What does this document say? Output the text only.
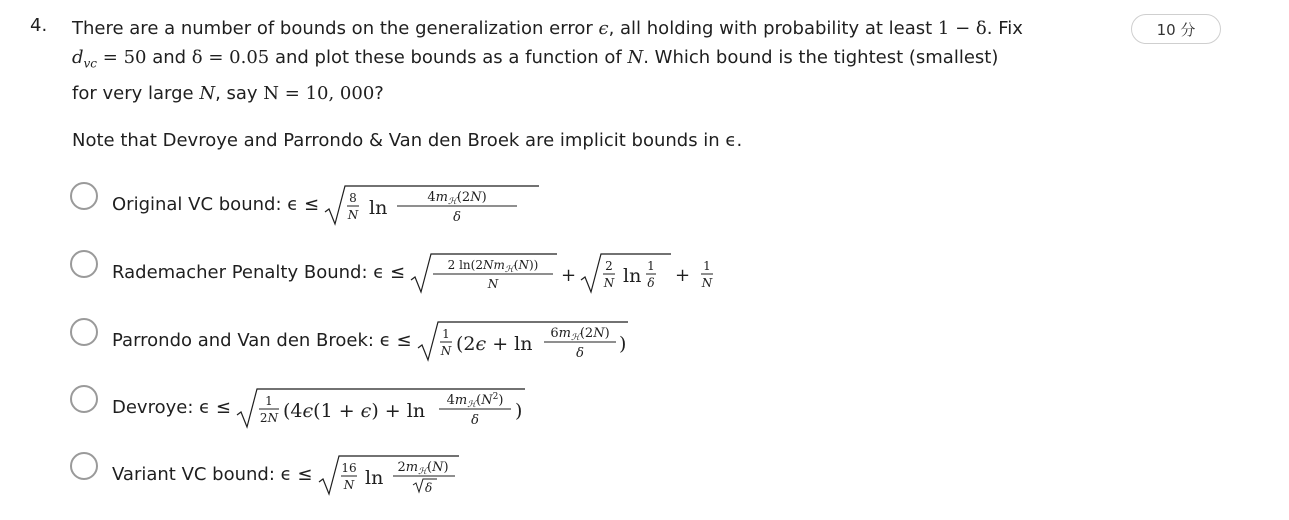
4.	10 分
There are a number of bounds on the generalization error ϵ, all holding with probability at least 1 − δ. Fix
$d_{vc} = 50$ and δ = 0.05 and plot these bounds as a function of N. Which bound is the tightest (smallest)
for very large N, say N = 10, 000?
Note that Devroye and Parrondo & Van den Broek are implicit bounds in ϵ.
Original VC bound: ϵ ≤	8
N ln	$4m_ℋ(2N)$
δ
Rademacher Penalty Bound: ϵ ≤	2 $\ln(2Nm_ℋ(N))$
N	+ 2
N ln 1
δ + 1
N
Parrondo and Van den Broek: ϵ ≤	1
N ($2\epsilon + \ln 6m_ℋ(2N)$
δ )
Devroye: ϵ ≤	1
2N ($4\epsilon(1 + \epsilon) + \ln 4m_ℋ(N^2)$
δ )
Variant VC bound: ϵ ≤ 16
N $\ln 2m_ℋ(N)$
δ
